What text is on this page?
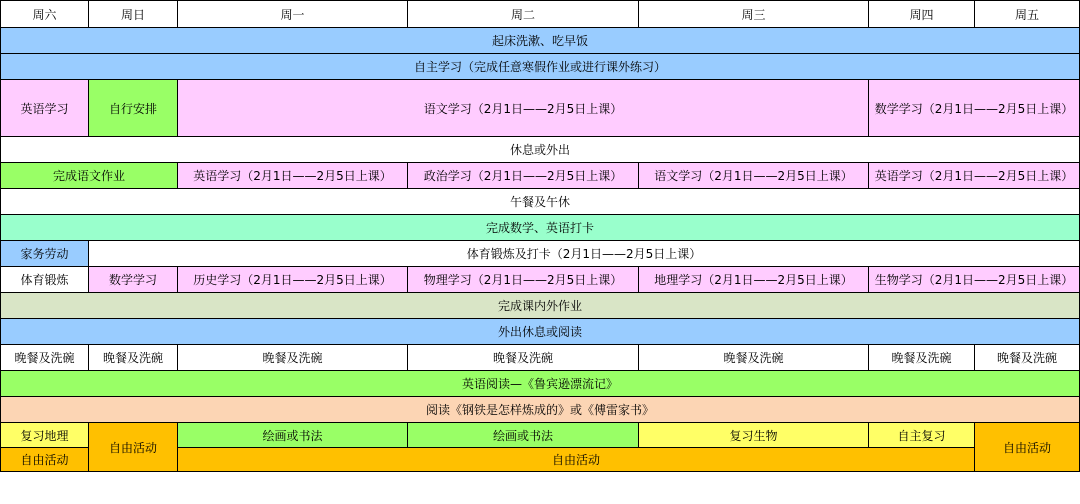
周六	周日	周一	周二	周三	周四	周五
起床洗漱、吃早饭						
自主学习（完成任意寒假作业或进行课外练习）						
英语学习	自行安排	语文学习（2月1日——2月5日上课）			数学学习（2月1日——2月5日上课）	
休息或外出						
完成语文作业		英语学习（2月1日——2月5日上课）	政治学习（2月1日——2月5日上课）	语文学习（2月1日——2月5日上课）	英语学习（2月1日——2月5日上课）	
午餐及午休						
完成数学、英语打卡						
家务劳动	体育锻炼及打卡（2月1日——2月5日上课）					
体育锻炼	数学学习	历史学习（2月1日——2月5日上课）	物理学习（2月1日——2月5日上课）	地理学习（2月1日——2月5日上课）	生物学习（2月1日——2月5日上课）	
完成课内外作业						
外出休息或阅读						
晚餐及洗碗	晚餐及洗碗	晚餐及洗碗	晚餐及洗碗	晚餐及洗碗	晚餐及洗碗	晚餐及洗碗
英语阅读—《鲁宾逊漂流记》						
阅读《钢铁是怎样炼成的》或《傅雷家书》						
复习地理	自由活动	绘画或书法	绘画或书法	复习生物	自主复习	自由活动
自由活动		自由活动				
